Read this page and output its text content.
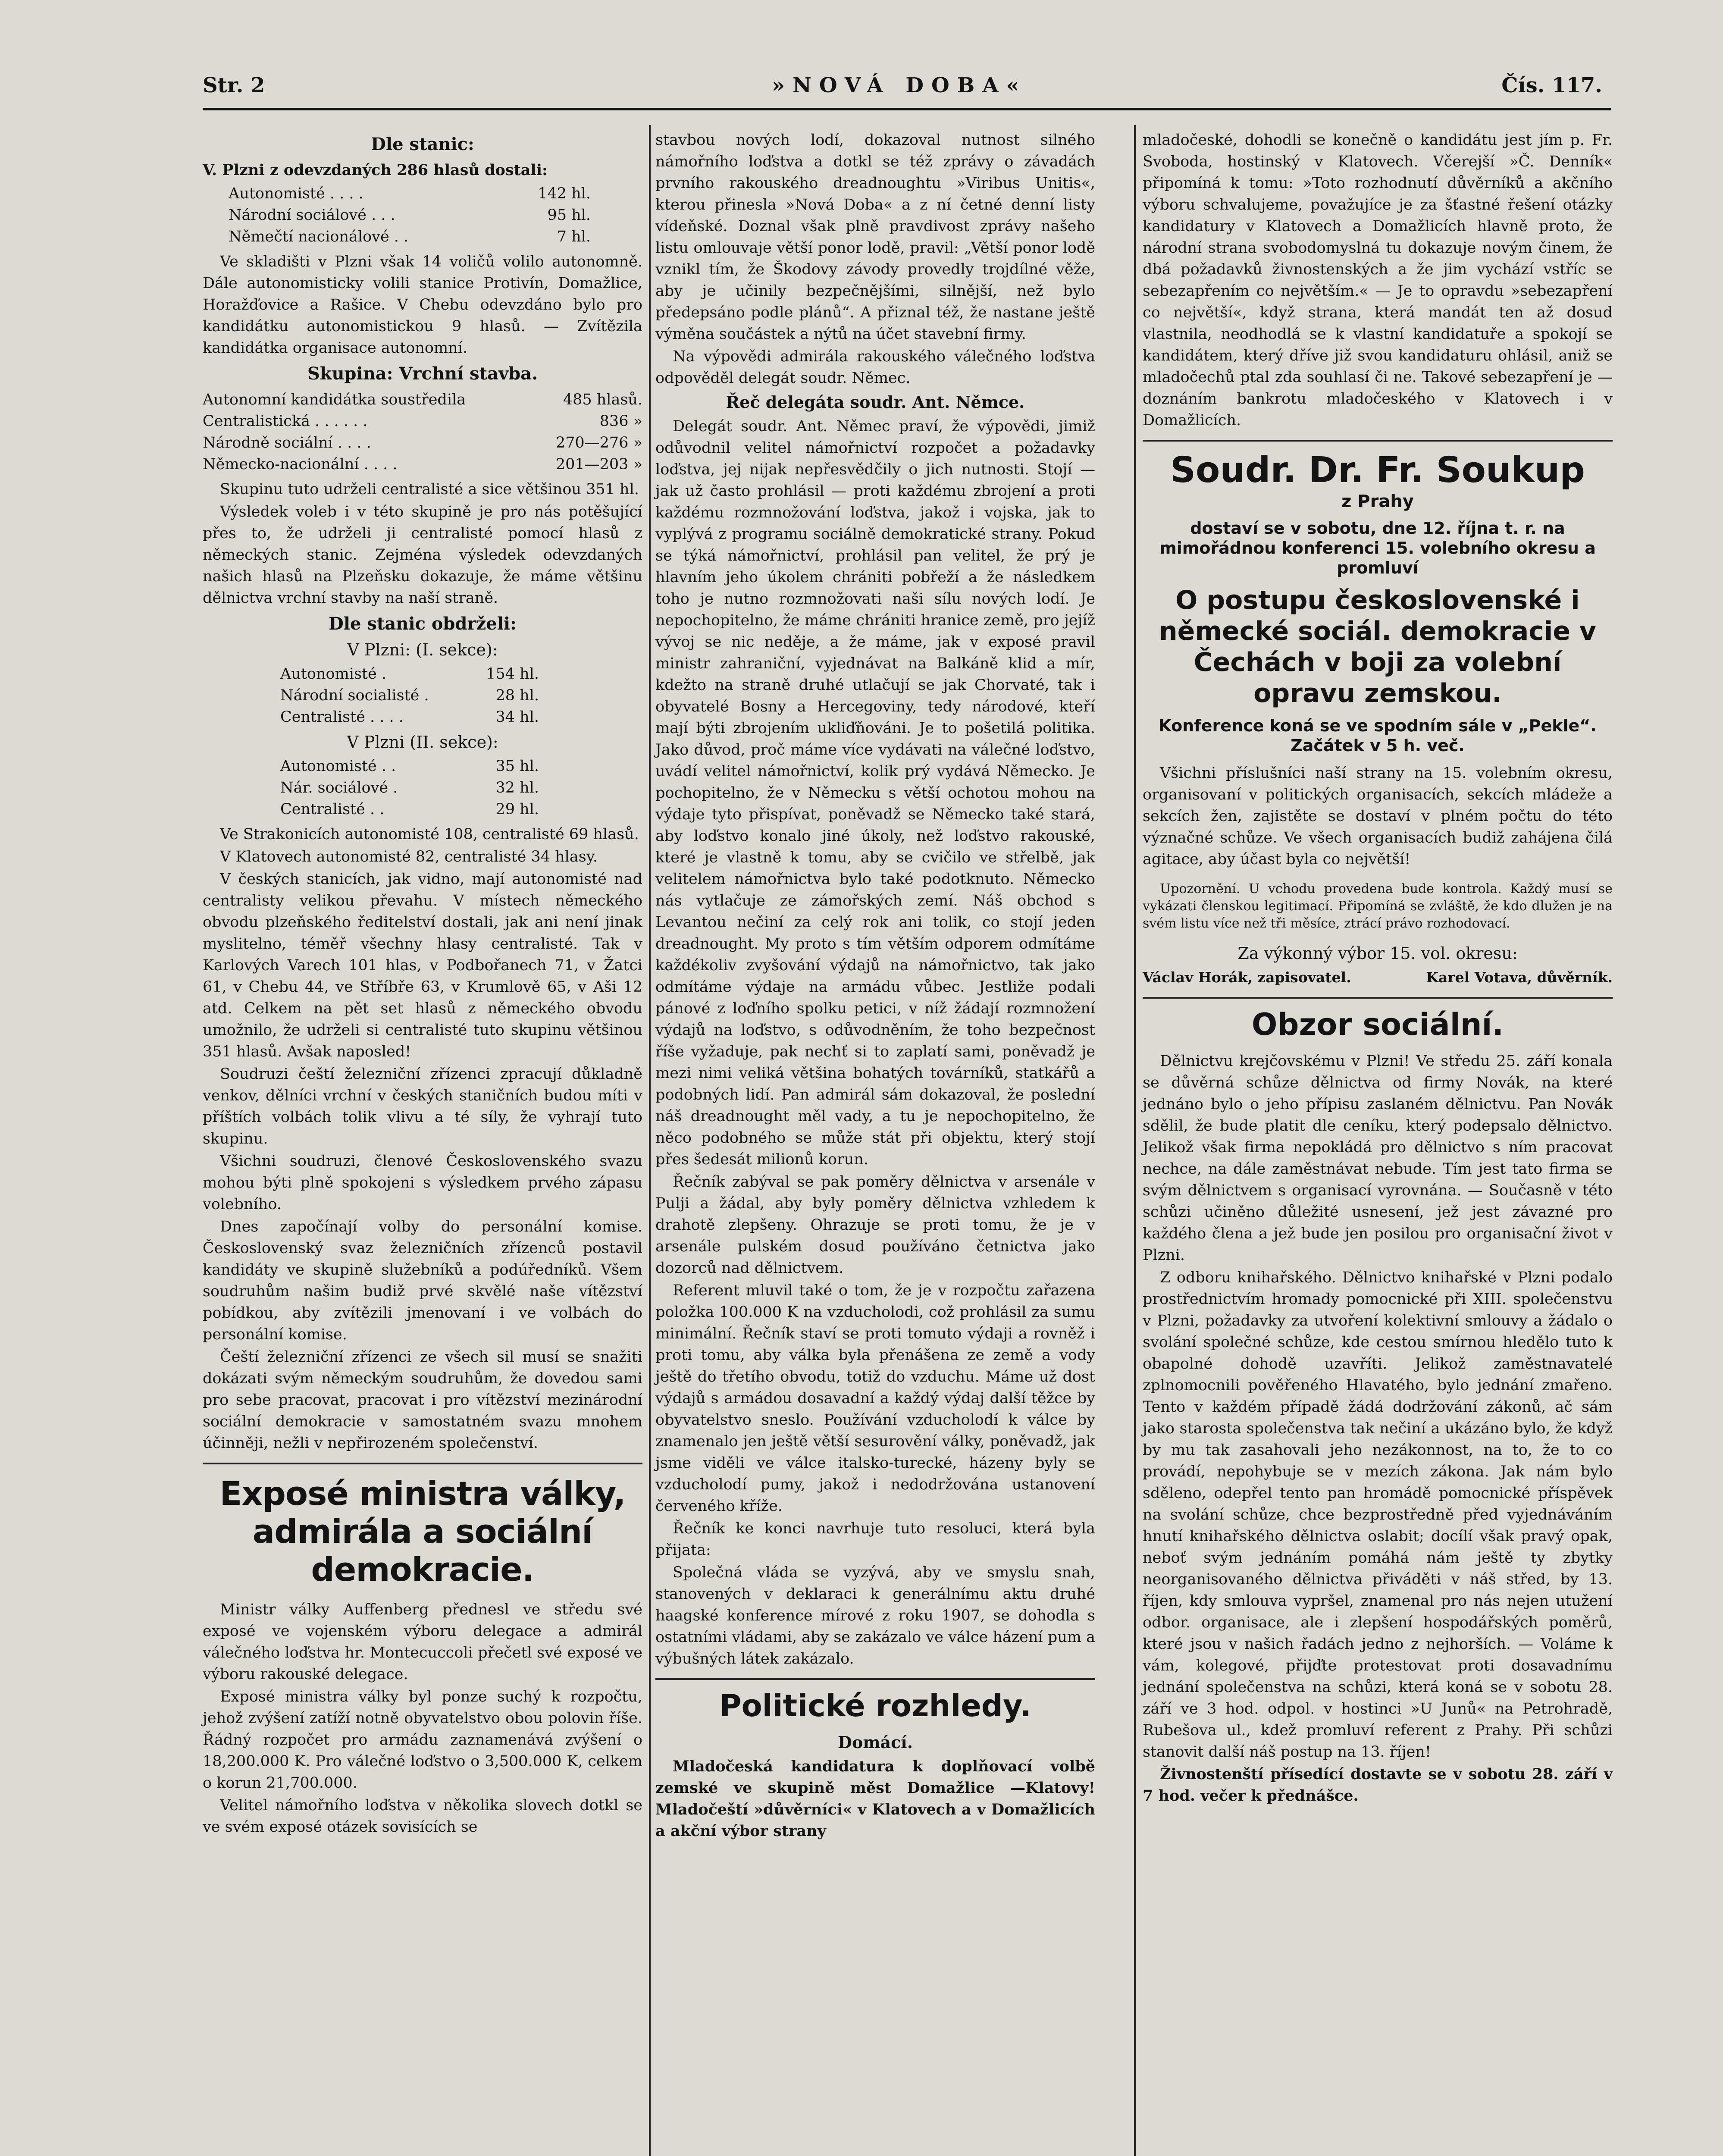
Str. 2	»NOVÁ DOBA«	Čís. 117.
Dle stanic:

V. Plzni z odevzdaných 286 hlasů dostali:

Autonomisté . . . .	142 hl.
Národní sociálové . . .	95 hl.
Němečtí nacionálové . .	7 hl.

Ve skladišti v Plzni však 14 voličů volilo autonomně. Dále autonomisticky volili stanice Protivín, Domažlice, Horažďovice a Rašice. V Chebu odevzdáno bylo pro kandidátku autonomistickou 9 hlasů. — Zvítězila kandidátka organisace autonomní.

Skupina: Vrchní stavba.
Autonomní kandidátka soustředila	485 hlasů.
Centralistická . . . . . .	836 »
Národně sociální . . . .	270—276 »
Německo-nacionální . . . .	201—203 »

Skupinu tuto udrželi centralisté a sice většinou 351 hl.

Výsledek voleb i v této skupině je pro nás potěšující přes to, že udrželi ji centralisté pomocí hlasů z německých stanic. Zejména výsledek odevzdaných našich hlasů na Plzeňsku dokazuje, že máme většinu dělnictva vrchní stavby na naší straně.

Dle stanic obdrželi:
V Plzni: (I. sekce):
Autonomisté .	154 hl.
Národní socialisté .	28 hl.
Centralisté . . . .	34 hl.
V Plzni (II. sekce):
Autonomisté . .	35 hl.
Nár. sociálové .	32 hl.
Centralisté . .	29 hl.

Ve Strakonicích autonomisté 108, centralisté 69 hlasů.

V Klatovech autonomisté 82, centralisté 34 hlasy.

V českých stanicích, jak vidno, mají autonomisté nad centralisty velikou převahu. V místech německého obvodu plzeňského ředitelství dostali, jak ani není jinak myslitelno, téměř všechny hlasy centralisté. Tak v Karlových Varech 101 hlas, v Podbořanech 71, v Žatci 61, v Chebu 44, ve Stříbře 63, v Krumlově 65, v Aši 12 atd. Celkem na pět set hlasů z německého obvodu umožnilo, že udrželi si centralisté tuto skupinu většinou 351 hlasů. Avšak naposled!

Soudruzi čeští železniční zřízenci zpracují důkladně venkov, dělníci vrchní v českých staničních budou míti v příštích volbách tolik vlivu a té síly, že vyhrají tuto skupinu.

Všichni soudruzi, členové Československého svazu mohou býti plně spokojeni s výsledkem prvého zápasu volebního.

Dnes započínají volby do personální komise. Československý svaz železničních zřízenců postavil kandidáty ve skupině služebníků a podúředníků. Všem soudruhům našim budiž prvé skvělé naše vítězství pobídkou, aby zvítězili jmenovaní i ve volbách do personální komise.

Čeští železniční zřízenci ze všech sil musí se snažiti dokázati svým německým soudruhům, že dovedou sami pro sebe pracovat, pracovat i pro vítězství mezinárodní sociální demokracie v samostatném svazu mnohem účinněji, nežli v nepřirozeném společenství.

Exposé ministra války, admirála a sociální demokracie.

Ministr války Auffenberg přednesl ve středu své exposé ve vojenském výboru delegace a admirál válečného loďstva hr. Montecuccoli přečetl své exposé ve výboru rakouské delegace.

Exposé ministra války byl ponze suchý k rozpočtu, jehož zvýšení zatíží notně obyvatelstvo obou polovin říše. Řádný rozpočet pro armádu zaznamenává zvýšení o 18,200.000 K. Pro válečné loďstvo o 3,500.000 K, celkem o korun 21,700.000.

Velitel námořního loďstva v několika slovech dotkl se ve svém exposé otázek sovisících se

stavbou nových lodí, dokazoval nutnost silného námořního loďstva a dotkl se též zprávy o závadách prvního rakouského dreadnoughtu »Viribus Unitis«, kterou přinesla »Nová Doba« a z ní četné denní listy vídeňské. Doznal však plně pravdivost zprávy našeho listu omlouvaje větší ponor lodě, pravil: „Větší ponor lodě vznikl tím, že Škodovy závody provedly trojdílné věže, aby je učinily bezpečnějšími, silnější, než bylo předepsáno podle plánů“. A přiznal též, že nastane ještě výměna součástek a nýtů na účet stavební firmy.

Na výpovědi admirála rakouského válečného loďstva odpověděl delegát soudr. Němec.

Řeč delegáta soudr. Ant. Němce.

Delegát soudr. Ant. Němec praví, že výpovědi, jimiž odůvodnil velitel námořnictví rozpočet a požadavky loďstva, jej nijak nepřesvědčily o jich nutnosti. Stojí — jak už často prohlásil — proti každému zbrojení a proti každému rozmnožování loďstva, jakož i vojska, jak to vyplývá z programu sociálně demokratické strany. Pokud se týká námořnictví, prohlásil pan velitel, že prý je hlavním jeho úkolem chrániti pobřeží a že následkem toho je nutno rozmnožovati naši sílu nových lodí. Je nepochopitelno, že máme chrániti hranice země, pro jejíž vývoj se nic neděje, a že máme, jak v exposé pravil ministr zahraniční, vyjednávat na Balkáně klid a mír, kdežto na straně druhé utlačují se jak Chorvaté, tak i obyvatelé Bosny a Hercegoviny, tedy národové, kteří mají býti zbrojením ukliďňováni. Je to pošetilá politika. Jako důvod, proč máme více vydávati na válečné loďstvo, uvádí velitel námořnictví, kolik prý vydává Německo. Je pochopitelno, že v Německu s větší ochotou mohou na výdaje tyto přispívat, poněvadž se Německo také stará, aby loďstvo konalo jiné úkoly, než loďstvo rakouské, které je vlastně k tomu, aby se cvičilo ve střelbě, jak velitelem námořnictva bylo také podotknuto. Německo nás vytlačuje ze zámořských zemí. Náš obchod s Levantou nečiní za celý rok ani tolik, co stojí jeden dreadnought. My proto s tím větším odporem odmítáme každékoliv zvyšování výdajů na námořnictvo, tak jako odmítáme výdaje na armádu vůbec. Jestliže podali pánové z loďního spolku petici, v níž žádají rozmnožení výdajů na loďstvo, s odůvodněním, že toho bezpečnost říše vyžaduje, pak nechť si to zaplatí sami, poněvadž je mezi nimi veliká většina bohatých továrníků, statkářů a podobných lidí. Pan admirál sám dokazoval, že poslední náš dreadnought měl vady, a tu je nepochopitelno, že něco podobného se může stát při objektu, který stojí přes šedesát milionů korun.

Řečník zabýval se pak poměry dělnictva v arsenále v Pulji a žádal, aby byly poměry dělnictva vzhledem k drahotě zlepšeny. Ohrazuje se proti tomu, že je v arsenále pulském dosud používáno četnictva jako dozorců nad dělnictvem.

Referent mluvil také o tom, že je v rozpočtu zařazena položka 100.000 K na vzducholodi, což prohlásil za sumu minimální. Řečník staví se proti tomuto výdaji a rovněž i proti tomu, aby válka byla přenášena ze země a vody ještě do třetího obvodu, totiž do vzduchu. Máme už dost výdajů s armádou dosavadní a každý výdaj další těžce by obyvatelstvo sneslo. Používání vzducholodí k válce by znamenalo jen ještě větší sesurovění války, poněvadž, jak jsme viděli ve válce italsko-turecké, házeny byly se vzducholodí pumy, jakož i nedodržována ustanovení červeného kříže.

Řečník ke konci navrhuje tuto resoluci, která byla přijata:

Společná vláda se vyzývá, aby ve smyslu snah, stanovených v deklaraci k generálnímu aktu druhé haagské konference mírové z roku 1907, se dohodla s ostatními vládami, aby se zakázalo ve válce házení pum a výbušných látek zakázalo.

Politické rozhledy.
Domácí.

Mladočeská kandidatura k doplňovací volbě zemské ve skupině měst Domažlice —Klatovy! Mladočeští »důvěrníci« v Klatovech a v Domažlicích a akční výbor strany

mladočeské, dohodli se konečně o kandidátu jest jím p. Fr. Svoboda, hostinský v Klatovech. Včerejší »Č. Denník« připomíná k tomu: »Toto rozhodnutí důvěrníků a akčního výboru schvalujeme, považujíce je za šťastné řešení otázky kandidatury v Klatovech a Domažlicích hlavně proto, že národní strana svobodomyslná tu dokazuje novým činem, že dbá požadavků živnostenských a že jim vychází vstříc se sebezapřením co největším.« — Je to opravdu »sebezapření co největší«, když strana, která mandát ten až dosud vlastnila, neodhodlá se k vlastní kandidatuře a spokojí se kandidátem, který dříve již svou kandidaturu ohlásil, aniž se mladočechů ptal zda souhlasí či ne. Takové sebezapření je — doznáním bankrotu mladočeského v Klatovech i v Domažlicích.

Soudr. Dr. Fr. Soukup
z Prahy
dostaví se v sobotu, dne 12. října t. r. na mimořádnou konferenci 15. volebního okresu a promluví
O postupu československé i německé sociál. demokracie v Čechách v boji za volební opravu zemskou.
Konference koná se ve spodním sále v „Pekle“. Začátek v 5 h. več.

Všichni příslušníci naší strany na 15. volebním okresu, organisovaní v politických organisacích, sekcích mládeže a sekcích žen, zajistěte se dostaví v plném počtu do této význačné schůze. Ve všech organisacích budiž zahájena čilá agitace, aby účast byla co největší!

Upozornění. U vchodu provedena bude kontrola. Každý musí se vykázati členskou legitimací. Připomíná se zvláště, že kdo dlužen je na svém listu více než tři měsíce, ztrácí právo rozhodovací.

Za výkonný výbor 15. vol. okresu:
Václav Horák, zapisovatel.	Karel Votava, důvěrník.
Obzor sociální.

Dělnictvu krejčovskému v Plzni! Ve středu 25. září konala se důvěrná schůze dělnictva od firmy Novák, na které jednáno bylo o jeho přípisu zaslaném dělnictvu. Pan Novák sdělil, že bude platit dle ceníku, který podepsalo dělnictvo. Jelikož však firma nepokládá pro dělnictvo s ním pracovat nechce, na dále zaměstnávat nebude. Tím jest tato firma se svým dělnictvem s organisací vyrovnána. — Současně v této schůzi učiněno důležité usnesení, jež jest závazné pro každého člena a jež bude jen posilou pro organisační život v Plzni.

Z odboru knihařského. Dělnictvo knihařské v Plzni podalo prostřednictvím hromady pomocnické při XIII. společenstvu v Plzni, požadavky za utvoření kolektivní smlouvy a žádalo o svolání společné schůze, kde cestou smírnou hledělo tuto k obapolné dohodě uzavříti. Jelikož zaměstnavatelé zplnomocnili pověřeného Hlavatého, bylo jednání zmařeno. Tento v každém případě žádá dodržování zákonů, ač sám jako starosta společenstva tak nečiní a ukázáno bylo, že když by mu tak zasahovali jeho nezákonnost, na to, že to co provádí, nepohybuje se v mezích zákona. Jak nám bylo sděleno, odepřel tento pan hromádě pomocnické příspěvek na svolání schůze, chce bezprostředně před vyjednáváním hnutí knihařského dělnictva oslabit; docílí však pravý opak, neboť svým jednáním pomáhá nám ještě ty zbytky neorganisovaného dělnictva přiváděti v náš střed, by 13. říjen, kdy smlouva vypršel, znamenal pro nás nejen utužení odbor. organisace, ale i zlepšení hospodářských poměrů, které jsou v našich řadách jedno z nejhorších. — Voláme k vám, kolegové, přijďte protestovat proti dosavadnímu jednání společenstva na schůzi, která koná se v sobotu 28. září ve 3 hod. odpol. v hostinci »U Junů« na Petrohradě, Rubešova ul., kdež promluví referent z Prahy. Při schůzi stanovit další náš postup na 13. říjen!

Živnostenští přísedící dostavte se v sobotu 28. září v 7 hod. večer k přednášce.
